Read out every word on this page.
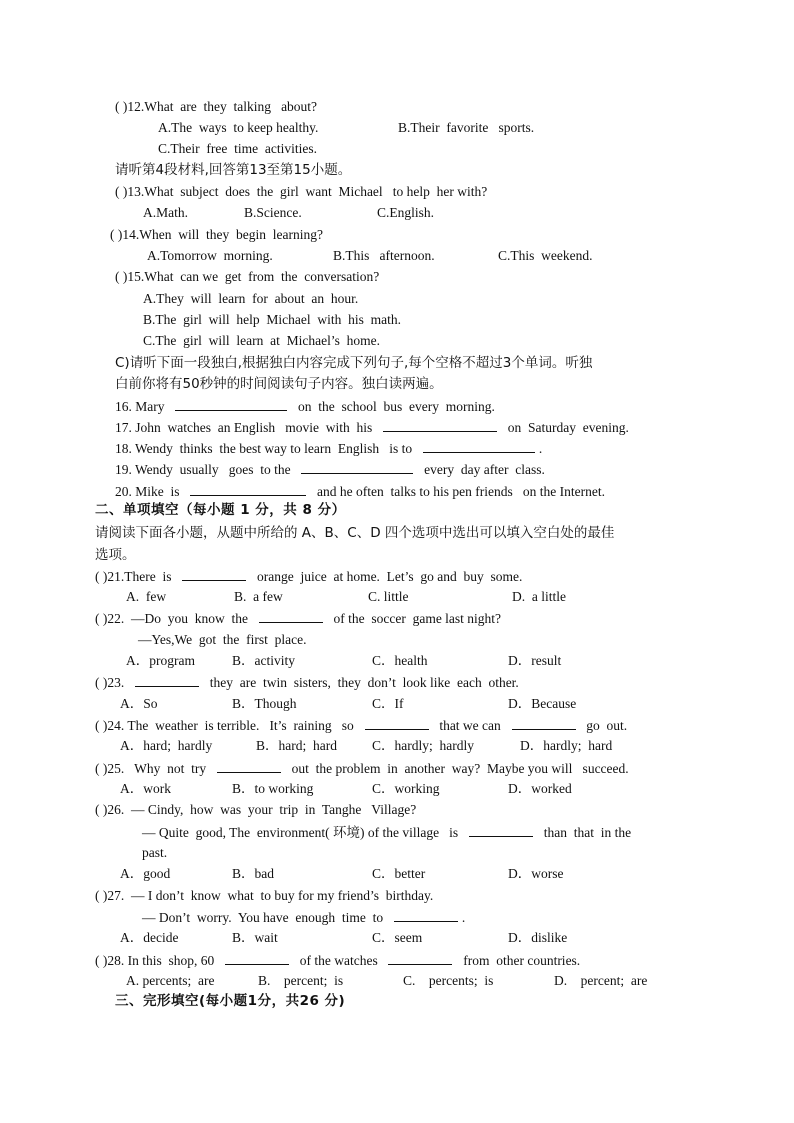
( )12.What  are  they  talking   about?
A.The  ways  to keep healthy.	B.Their  favorite   sports.
C.Their  free  time  activities.
请听第4段材料,回答第13至第15小题。
( )13.What  subject  does  the  girl  want  Michael   to help  her with?
A.Math.	B.Science.	C.English.
( )14.When  will  they  begin  learning?
A.Tomorrow  morning.	B.This   afternoon.	C.This  weekend.
( )15.What  can we  get  from  the  conversation?
A.They  will  learn  for  about  an  hour.
B.The  girl  will  help  Michael  with  his  math.
C.The  girl  will  learn  at  Michael’s  home.
C)请听下面一段独白,根据独白内容完成下列句子,每个空格不超过3个单词。听独
白前你将有50秒钟的时间阅读句子内容。独白读两遍。
16. Mary	on  the  school  bus  every  morning.
17. John  watches  an English   movie  with  his	on  Saturday  evening.
18. Wendy  thinks  the best way to learn  English   is to	.
19. Wendy  usually   goes  to the	every  day after  class.
20. Mike  is	and he often  talks to his pen friends   on the Internet.
二、单项填空（每小题 1 分，共 8 分）
请阅读下面各小题，从题中所给的 A、B、C、D 四个选项中选出可以填入空白处的最佳
选项。
( )21.There  is	orange  juice  at home.  Let’s  go and  buy  some.
A.  few	B.  a few	C. little	D.  a little
( )22.  —Do  you  know  the	of the  soccer  game last night?
—Yes,We  got  the  first  place.
A．program	B．activity	C．health	D．result
( )23.	they  are  twin  sisters,  they  don’t  look like  each  other.
A．So	B．Though	C．If	D．Because
( )24. The  weather  is terrible.   It’s  raining   so	that we can	go  out.
A．hard;  hardly	B．hard;  hard	C．hardly;  hardly	D．hardly;  hard
( )25.   Why  not  try	out  the problem  in  another  way?  Maybe you will   succeed.
A．work	B．to working	C．working	D．worked
( )26.  — Cindy,  how  was  your  trip  in  Tanghe   Village?
— Quite  good, The  environment( 环境) of the village   is	than  that  in the
past.
A．good	B．bad	C．better	D．worse
( )27.  — I don’t  know  what  to buy for my friend’s  birthday.
— Don’t  worry.  You have  enough  time  to	.
A．decide	B．wait	C．seem	D．dislike
( )28. In this  shop, 60	of the watches	from  other countries.
A. percents;  are	B.    percent;  is	C.    percents;  is	D.    percent;  are
三、完形填空(每小题1分，共26 分)
